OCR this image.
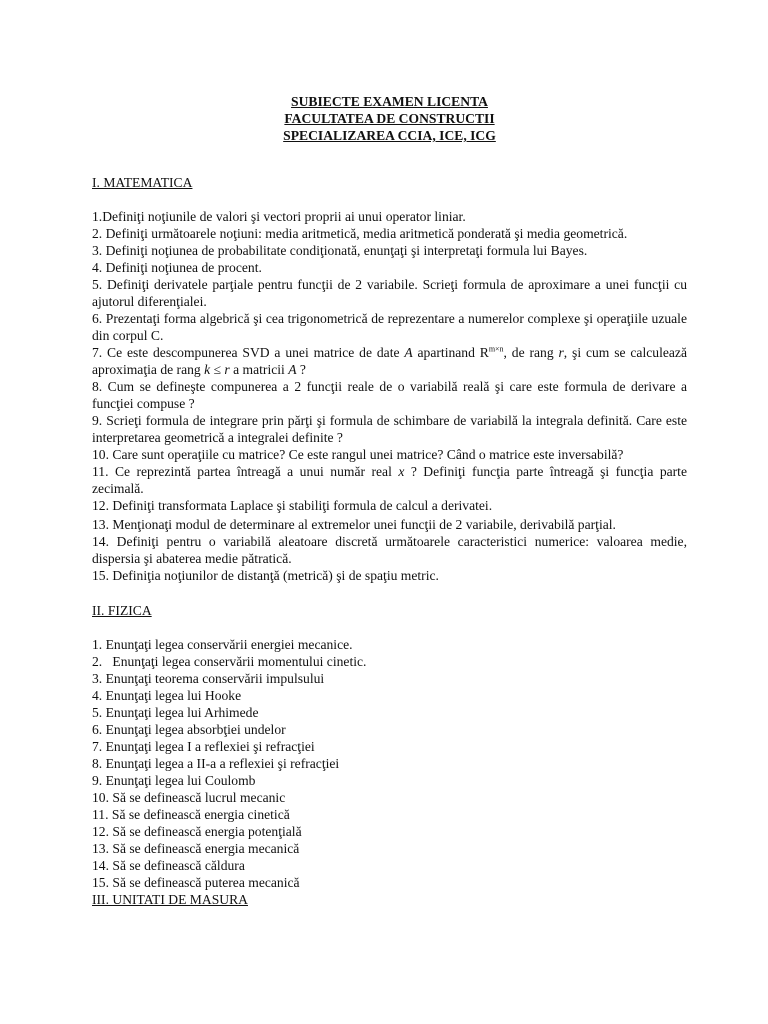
SUBIECTE EXAMEN LICENTA
FACULTATEA DE CONSTRUCTII
SPECIALIZAREA CCIA, ICE, ICG

I. MATEMATICA

1.Definiţi noţiunile de valori şi vectori proprii ai unui operator liniar.

2. Definiţi următoarele noţiuni: media aritmetică, media aritmetică ponderată şi media geometrică.

3. Definiţi noţiunea de probabilitate condiţionată, enunţaţi şi interpretaţi formula lui Bayes.

4. Definiţi noţiunea de procent.

5. Definiţi derivatele parţiale pentru funcţii de 2 variabile. Scrieţi formula de aproximare a unei funcţii cu ajutorul diferenţialei.

6. Prezentaţi forma algebrică şi cea trigonometrică de reprezentare a numerelor complexe şi operaţiile uzuale din corpul C.

7. Ce este descompunerea SVD a unei matrice de date A apartinand $R^{m\times n}$, de rang r, şi cum se calculează aproximaţia de rang k ≤ r a matricii A ?

8. Cum se defineşte compunerea a 2 funcţii reale de o variabilă reală şi care este formula de derivare a funcţiei compuse ?

9. Scrieţi formula de integrare prin părţi şi formula de schimbare de variabilă la integrala definită. Care este interpretarea geometrică a integralei definite ?

10. Care sunt operaţiile cu matrice? Ce este rangul unei matrice? Când o matrice este inversabilă?

11. Ce reprezintă partea întreagă a unui număr real x ? Definiţi funcţia parte întreagă şi funcţia parte zecimală.

12. Definiţi transformata Laplace şi stabiliţi formula de calcul a derivatei.

13. Menţionaţi modul de determinare al extremelor unei funcţii de 2 variabile, derivabilă parţial.

14. Definiţi pentru o variabilă aleatoare discretă următoarele caracteristici numerice: valoarea medie, dispersia şi abaterea medie pătratică.

15. Definiţia noţiunilor de distanţă (metrică) şi de spaţiu metric.

II. FIZICA

1. Enunţaţi legea conservării energiei mecanice.
2.   Enunţaţi legea conservării momentului cinetic.
3. Enunţaţi teorema conservării impulsului
4. Enunţaţi legea lui Hooke
5. Enunţaţi legea lui Arhimede
6. Enunţaţi legea absorbţiei undelor
7. Enunţaţi legea I a reflexiei şi refracţiei
8. Enunţaţi legea a II-a a reflexiei şi refracţiei
9. Enunţaţi legea lui Coulomb
10. Să se definească lucrul mecanic
11. Să se definească energia cinetică
12. Să se definească energia potenţială
13. Să se definească energia mecanică
14. Să se definească căldura
15. Să se definească puterea mecanică

III. UNITATI DE MASURA
